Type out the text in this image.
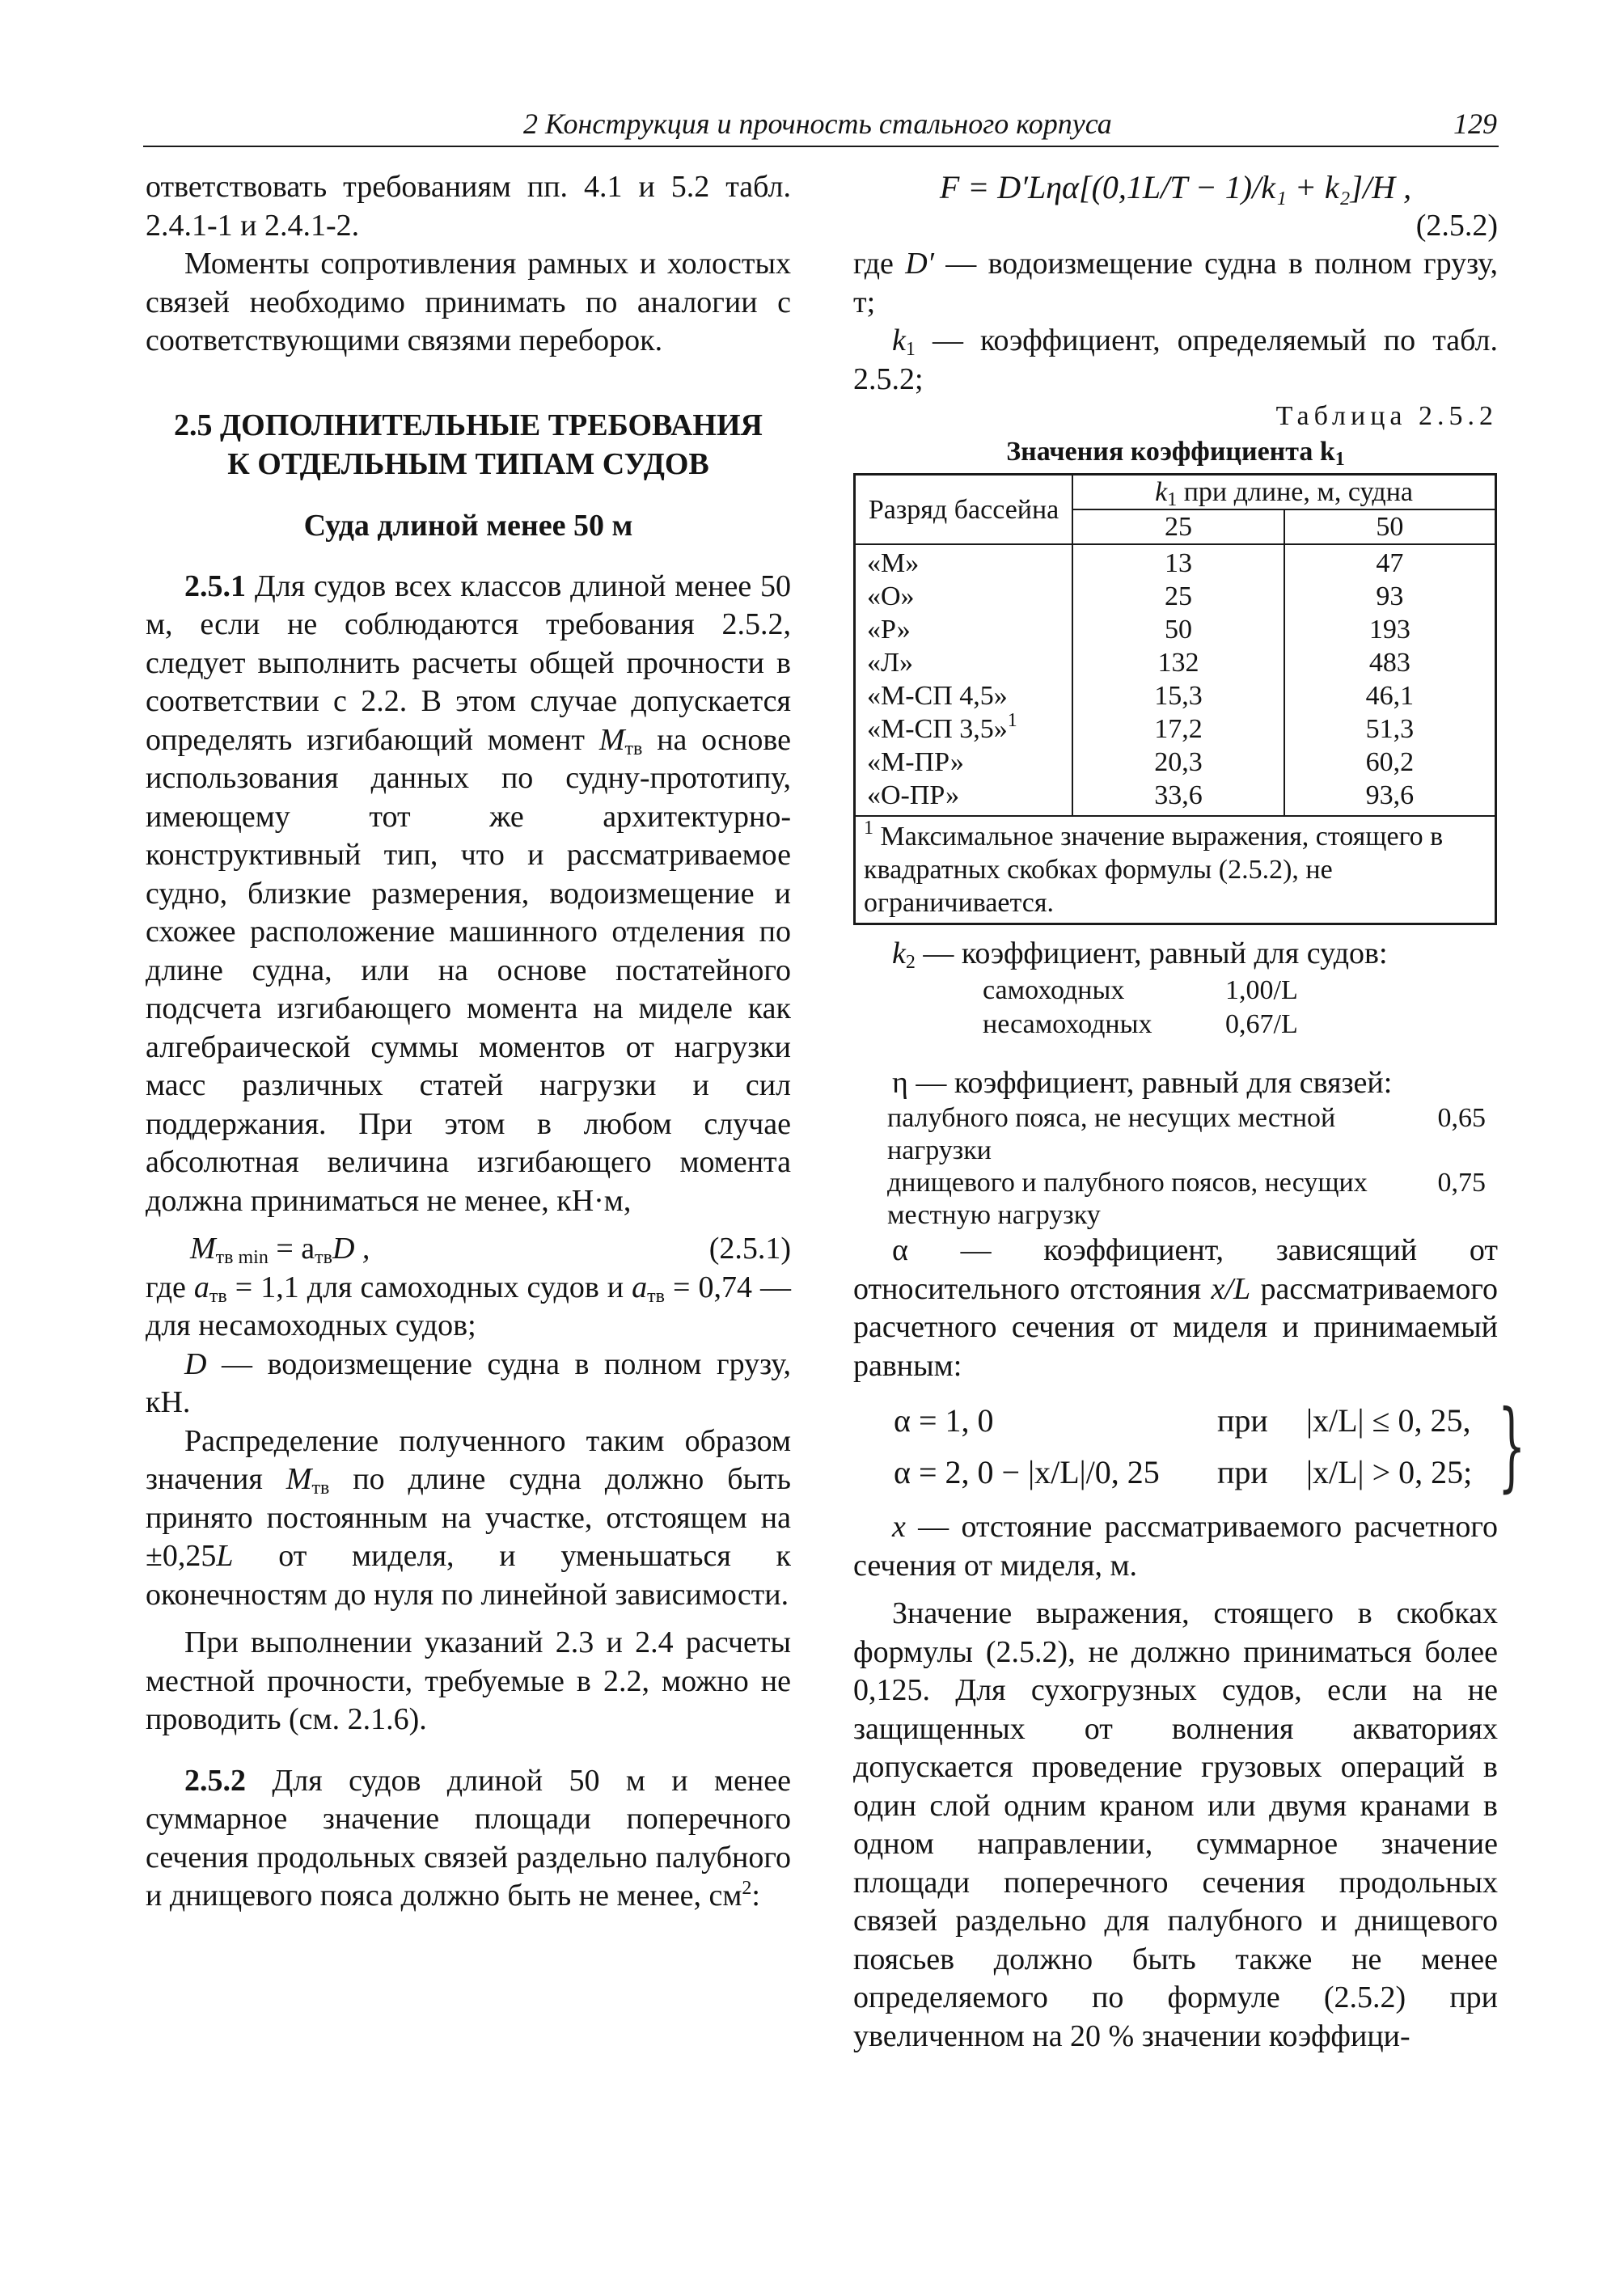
2 Конструкция и прочность стального корпуса	129

ответствовать требованиям пп. 4.1 и 5.2 табл. 2.4.1-1 и 2.4.1-2.

Моменты сопротивления рамных и холостых связей необходимо принимать по аналогии с соответствующими связями переборок.

2.5 ДОПОЛНИТЕЛЬНЫЕ ТРЕБОВАНИЯ
К ОТДЕЛЬНЫМ ТИПАМ СУДОВ
Суда длиной менее 50 м

2.5.1 Для судов всех классов длиной менее 50 м, если не соблюдаются требования 2.5.2, следует выполнить расчеты общей прочности в соответствии с 2.2. В этом случае допускается определять изгибающий момент $M_{тв}$ на основе использования данных по судну-прототипу, имеющему тот же архитектурно-конструктивный тип, что и рассматриваемое судно, близкие размерения, водоизмещение и схожее расположение машинного отделения по длине судна, или на основе постатейного подсчета изгибающего момента на миделе как алгебраической суммы моментов от нагрузки масс различных статей нагрузки и сил поддержания. При этом в любом случае абсолютная величина изгибающего момента должна приниматься не менее, кН·м,

$M_{тв min} = a_{тв}D$ ,	(2.5.1)

где $a_{тв} = 1,1$ для самоходных судов и $a_{тв} = 0,74$ — для несамоходных судов;

D — водоизмещение судна в полном грузу, кН.

Распределение полученного таким образом значения $M_{тв}$ по длине судна должно быть принято постоянным на участке, отстоящем на ±0,25L от миделя, и уменьшаться к оконечностям до нуля по линейной зависимости.

При выполнении указаний 2.3 и 2.4 расчеты местной прочности, требуемые в 2.2, можно не проводить (см. 2.1.6).

2.5.2 Для судов длиной 50 м и менее суммарное значение площади поперечного сечения продольных связей раздельно палубного и днищевого пояса должно быть не менее, $см^2$:

F = D′Lηα[(0,1L/T − 1)/k₁ + k₂]/H ,
(2.5.2)

где D′ — водоизмещение судна в полном грузу, т;

$k_1$ — коэффициент, определяемый по табл. 2.5.2;

Таблица 2.5.2
Значения коэффициента $k_1$
Разряд бассейна	$k_1$ при длине, м, судна	
	25	50
«М»	13	47
«О»	25	93
«Р»	50	193
«Л»	132	483
«М-СП 4,5»	15,3	46,1
«М-СП 3,5»$^1$	17,2	51,3
«М-ПР»	20,3	60,2
«О-ПР»	33,6	93,6
$^1$ Максимальное значение выражения, стоящего в квадратных скобках формулы (2.5.2), не ограничивается.		

$k_2$ — коэффициент, равный для судов:

самоходных	1,00/L
несамоходных	0,67/L

η — коэффициент, равный для связей:

палубного пояса, не несущих местной нагрузки
0,65
днищевого и палубного поясов, несущих местную нагрузку
0,75

α — коэффициент, зависящий от относительного отстояния x/L рассматриваемого расчетного сечения от миделя и принимаемый равным:

α = 1, 0	при	|x/L| ≤ 0, 25,
α = 2, 0 − |x/L|/0, 25	при	|x/L| > 0, 25; }

x — отстояние рассматриваемого расчетного сечения от миделя, м.

Значение выражения, стоящего в скобках формулы (2.5.2), не должно приниматься более 0,125. Для сухогрузных судов, если на не защищенных от волнения акваториях допускается проведение грузовых операций в один слой одним краном или двумя кранами в одном направлении, суммарное значение площади поперечного сечения продольных связей раздельно для палубного и днищевого поясьев должно быть также не менее определяемого по формуле (2.5.2) при увеличенном на 20 % значении коэффици-
